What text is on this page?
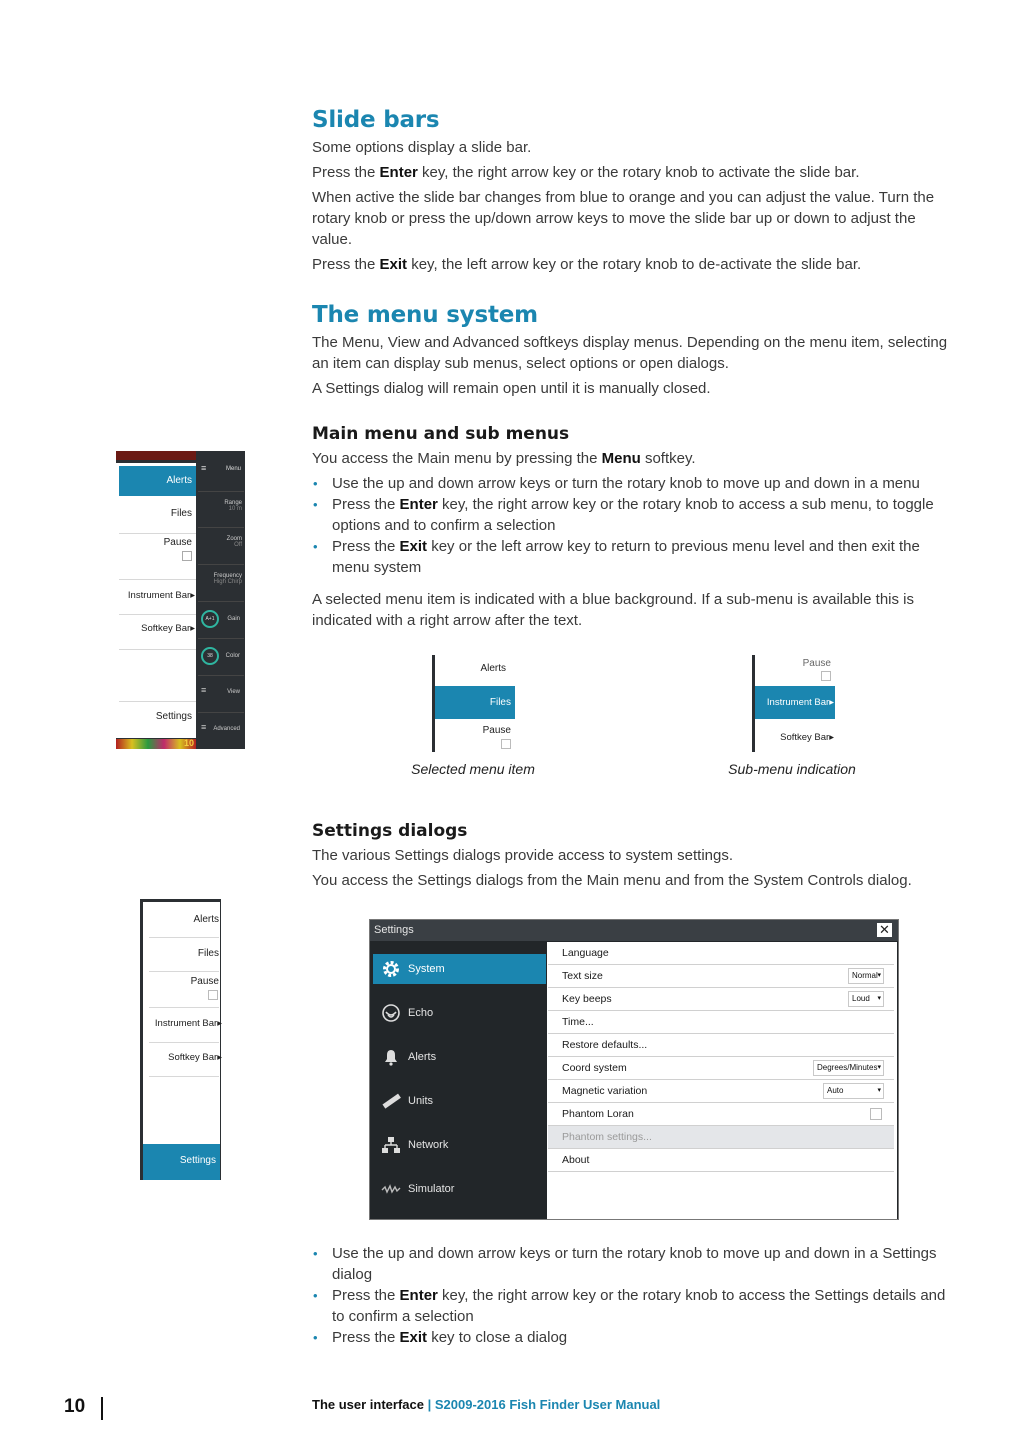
Slide bars

Some options display a slide bar.

Press the Enter key, the right arrow key or the rotary knob to activate the slide bar.

When active the slide bar changes from blue to orange and you can adjust the value. Turn the rotary knob or press the up/down arrow keys to move the slide bar up or down to adjust the value.

Press the Exit key, the left arrow key or the rotary knob to de-activate the slide bar.

The menu system

The Menu, View and Advanced softkeys display menus. Depending on the menu item, selecting an item can display sub menus, select options or open dialogs.

A Settings dialog will remain open until it is manually closed.

Main menu and sub menus

You access the Main menu by pressing the Menu softkey.

• Use the up and down arrow keys or turn the rotary knob to move up and down in a menu
• Press the Enter key, the right arrow key or the rotary knob to access a sub menu, to toggle options and to confirm a selection
• Press the Exit key or the left arrow key to return to previous menu level and then exit the menu system

A selected menu item is indicated with a blue background. If a sub-menu is available this is indicated with a right arrow after the text.

10
Alerts
Files
Pause
Instrument Bar▸
Softkey Bar▸
Settings
≡	Menu
Range
10 m
Zoom
Off
Frequency
High Chirp
A+1	Gain
38	Color
≡	View
≡ Advanced
Alerts
Files
Pause
Selected menu item
Pause
Instrument Bar▸
Softkey Bar▸
Sub-menu indication
Settings dialogs

The various Settings dialogs provide access to system settings.

You access the Settings dialogs from the Main menu and from the System Controls dialog.

Alerts
Files
Pause
Instrument Bar▸
Softkey Bar▸
Settings
Settings	✕
System
Echo
Alerts
Units
Network
Simulator
Language
Text size	Normal ▾
Key beeps	Loud ▾
Time...
Restore defaults...
Coord system	Degrees/Minutes ▾
Magnetic variation	Auto ▾
Phantom Loran
Phantom settings...
About
• Use the up and down arrow keys or turn the rotary knob to move up and down in a Settings dialog
• Press the Enter key, the right arrow key or the rotary knob to access the Settings details and to confirm a selection
• Press the Exit key to close a dialog
10	The user interface | S2009-2016 Fish Finder User Manual
